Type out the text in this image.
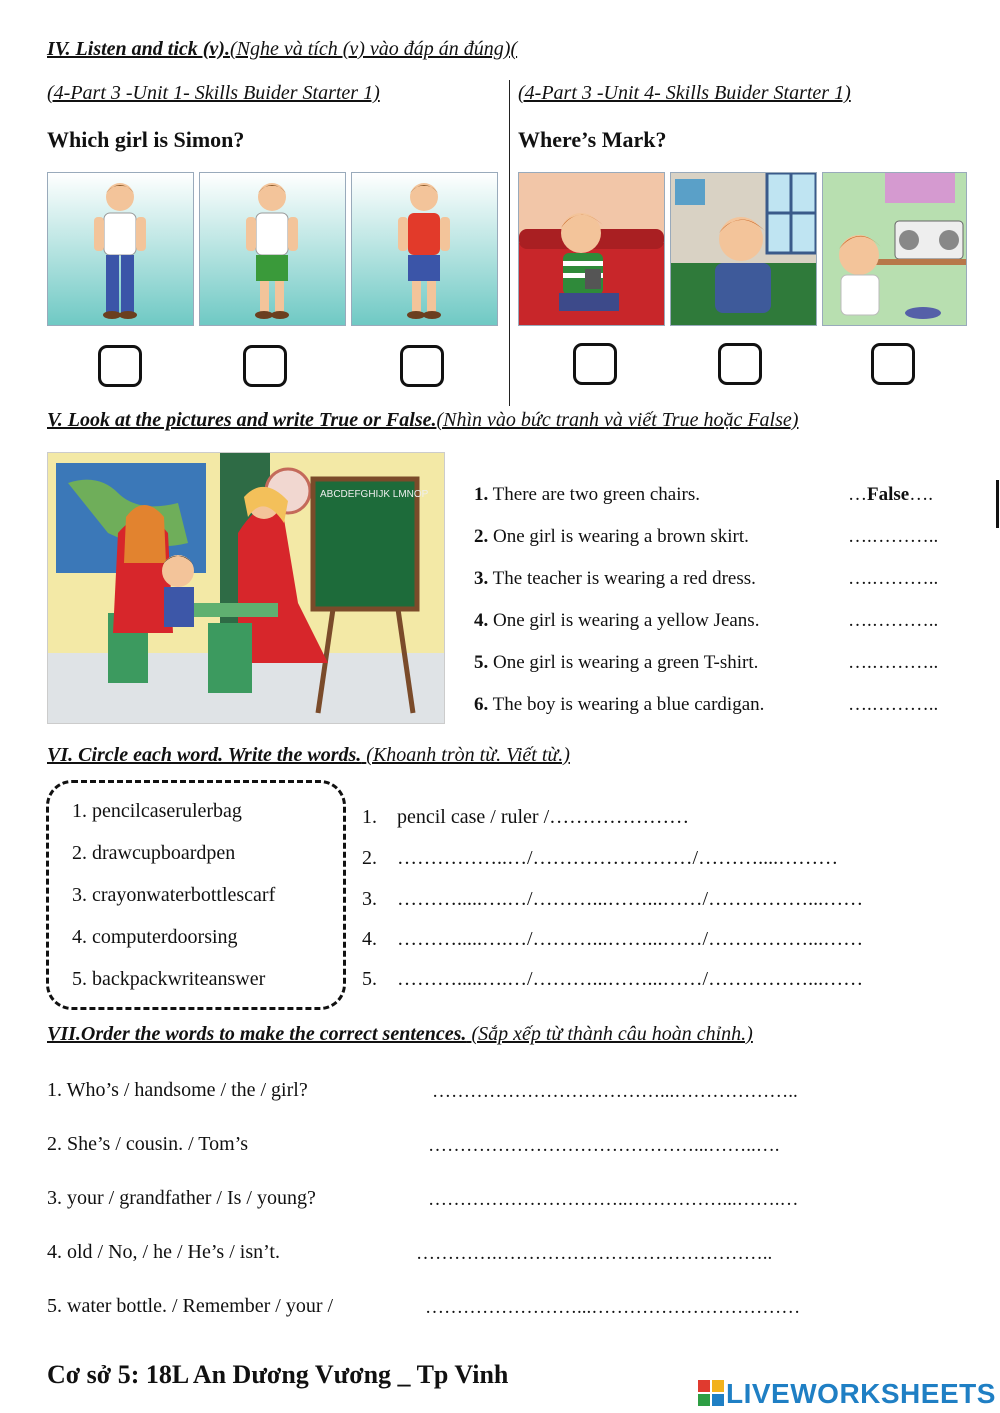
IV. Listen and tick (v).(Nghe và tích (v) vào đáp án đúng)(
(4-Part 3 -Unit 1- Skills Buider Starter 1)	(4-Part 3 -Unit 4- Skills Buider Starter 1)
Which girl is Simon?	Where’s Mark?
V. Look at the pictures and write True or False.(Nhìn vào bức tranh và viết True hoặc False)
ABCDEFGHIJK LMNOP 1. There are two green chairs.	…False….
2. One girl is wearing a brown skirt.	….………..
3. The teacher is wearing a red dress.	….………..
4. One girl is wearing a yellow Jeans.	….………..
5. One girl is wearing a green T-shirt.	….………..
6. The boy is wearing a blue cardigan.	….………..
VI. Circle each word. Write the words. (Khoanh tròn từ. Viết từ.)
1. pencilcaserulerbag
2. drawcupboardpen
3. crayonwaterbottlescarf
4. computerdoorsing
5. backpackwriteanswer
1. pencil case / ruler /…………………
2. ……………..…/……………………/………....………
3. ……….....….…/………...……...……/……………...……
4. ……….....….…/………...……...……/……………...……
5. ……….....….…/………...……...……/……………...……
VII.Order the words to make the correct sentences. (Sắp xếp từ thành câu hoàn chỉnh.)
1. Who’s / handsome / the / girl?	………………………………...………………..
2. She’s / cousin. / Tom’s	……………………………………...……..….
3. your / grandfather / Is / young?	…………………………..……………...…….…
4. old / No, / he / He’s / isn’t.	………….……………………………………..
5. water bottle. / Remember / your /	……………………...……………………………
Cơ sở 5: 18L An Dương Vương _ Tp Vinh
LIVEWORKSHEETS
